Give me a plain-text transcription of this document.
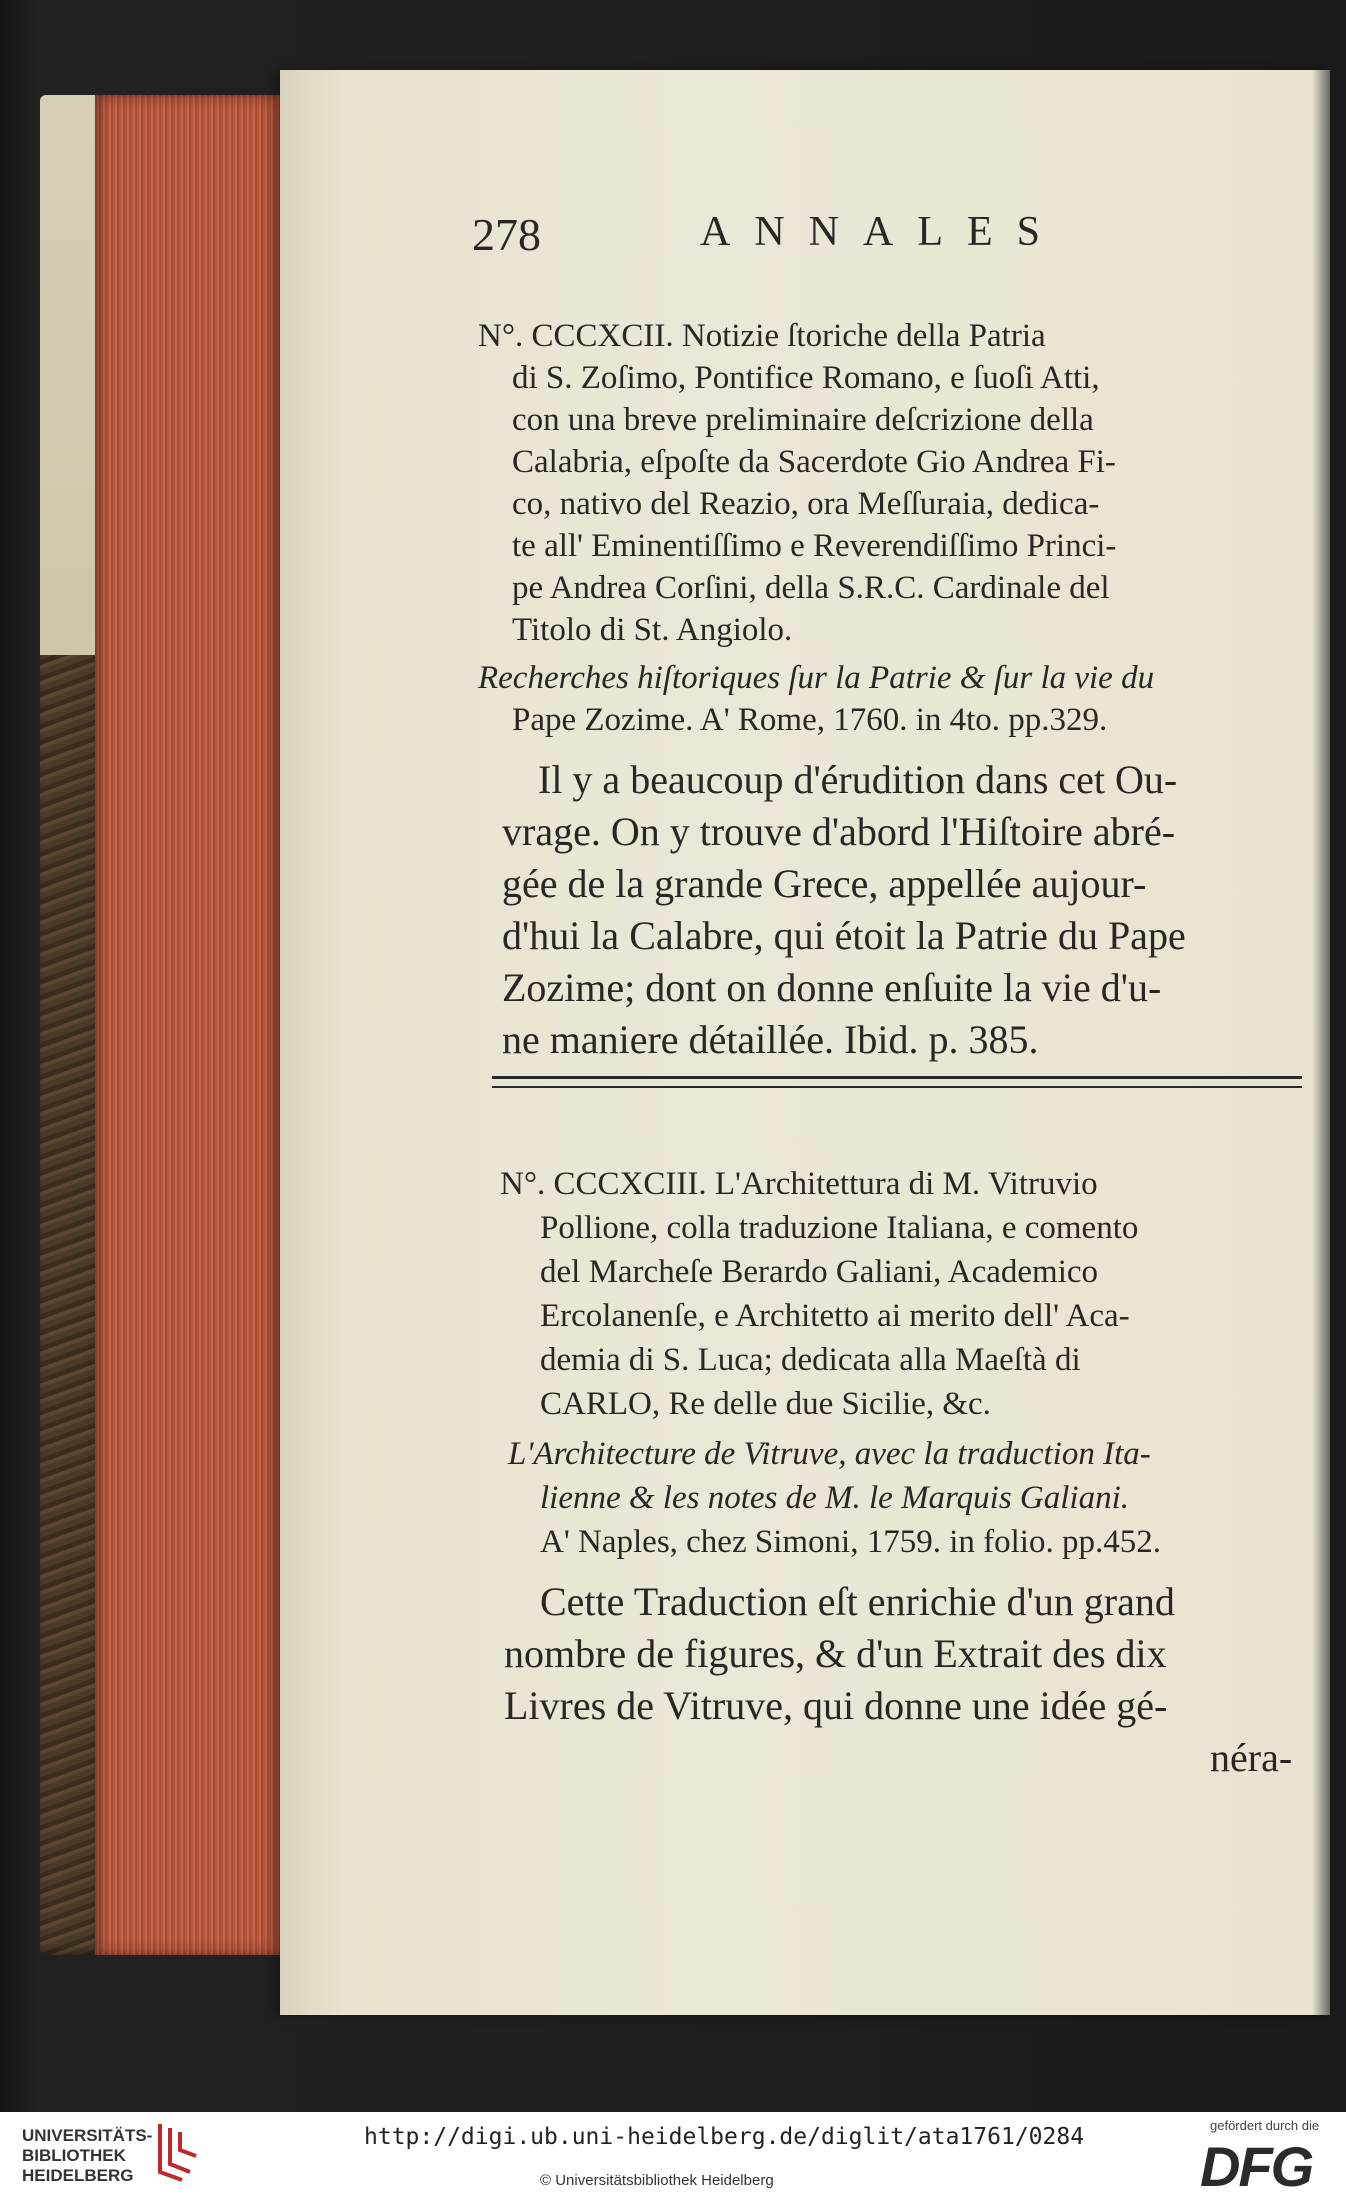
278	ANNALES
N°. CCCXCII. Notizie ſtoriche della Patria
di S. Zoſimo, Pontifice Romano, e ſuoſi Atti,
con una breve preliminaire deſcrizione della
Calabria, eſpoſte da Sacerdote Gio Andrea Fi-
co, nativo del Reazio, ora Meſſuraia, dedica-
te all' Eminentiſſimo e Reverendiſſimo Princi-
pe Andrea Corſini, della S.R.C. Cardinale del
Titolo di St. Angiolo.
Recherches hiſtoriques ſur la Patrie & ſur la vie du
Pape Zozime. A' Rome, 1760. in 4to. pp.329.
Il y a beaucoup d'érudition dans cet Ou-
vrage. On y trouve d'abord l'Hiſtoire abré-
gée de la grande Grece, appellée aujour-
d'hui la Calabre, qui étoit la Patrie du Pape
Zozime; dont on donne enſuite la vie d'u-
ne maniere détaillée. Ibid. p. 385.
N°. CCCXCIII. L'Architettura di M. Vitruvio
Pollione, colla traduzione Italiana, e comento
del Marcheſe Berardo Galiani, Academico
Ercolanenſe, e Architetto ai merito dell' Aca-
demia di S. Luca; dedicata alla Maeſtà di
CARLO, Re delle due Sicilie, &c.
L'Architecture de Vitruve, avec la traduction Ita-
lienne & les notes de M. le Marquis Galiani.
A' Naples, chez Simoni, 1759. in folio. pp.452.
Cette Traduction eſt enrichie d'un grand
nombre de figures, & d'un Extrait des dix
Livres de Vitruve, qui donne une idée gé-
néra-
UNIVERSITÄTS-
BIBLIOTHEK
HEIDELBERG
http://digi.ub.uni-heidelberg.de/diglit/ata1761/0284
© Universitätsbibliothek Heidelberg
gefördert durch die
DFG
